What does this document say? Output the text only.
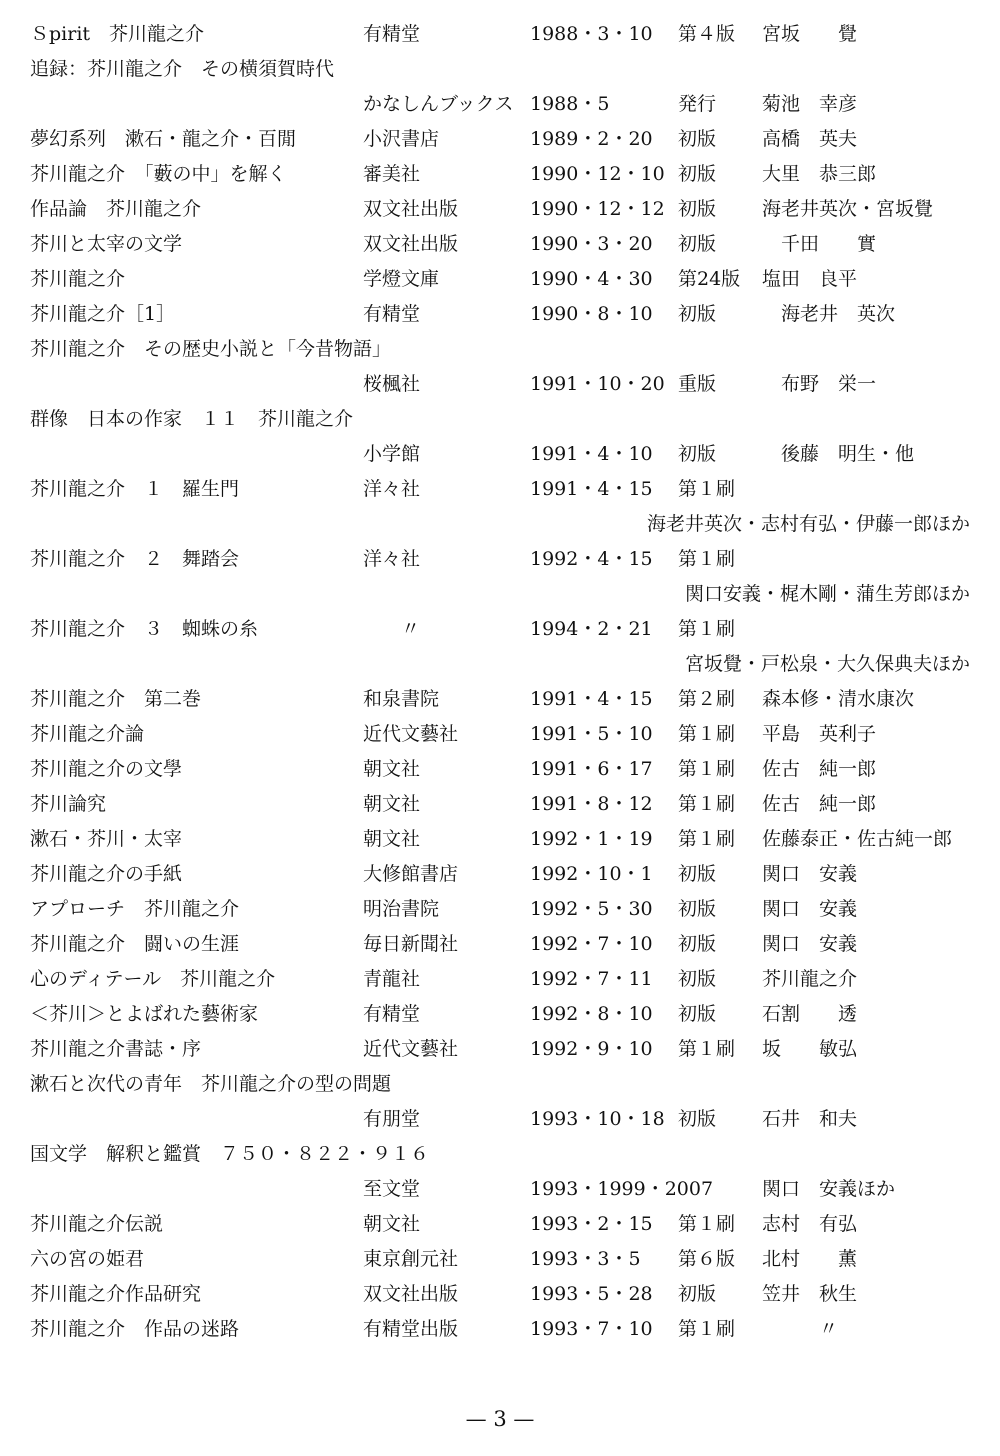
Ｓpirit　芥川龍之介	有精堂	1988・3・10 第４版 宮坂　　覺
追録：芥川龍之介　その横須賀時代
かなしんブックス 1988・5	発行 菊池　幸彦
夢幻系列　漱石・龍之介・百閒	小沢書店	1989・2・20 初版 高橋　英夫
芥川龍之介　「藪の中」を解く	審美社	1990・12・10 初版 大里　恭三郎
作品論　芥川龍之介	双文社出版	1990・12・12 初版 海老井英次・宮坂覺
芥川と太宰の文学	双文社出版	1990・3・20 初版 　千田　　實
芥川龍之介	学燈文庫	1990・4・30 第24版 塩田　良平
芥川龍之介［1］	有精堂	1990・8・10 初版 　海老井　英次
芥川龍之介　その歴史小説と「今昔物語」
桜楓社	1991・10・20 重版 　布野　栄一
群像　日本の作家　１１　芥川龍之介
小学館	1991・4・10 初版 　後藤　明生・他
芥川龍之介　１　羅生門	洋々社	1991・4・15 第１刷
海老井英次・志村有弘・伊藤一郎ほか
芥川龍之介　２　舞踏会	洋々社	1992・4・15 第１刷
関口安義・梶木剛・蒲生芳郎ほか
芥川龍之介　３　蜘蛛の糸	　　〃	1994・2・21 第１刷
宮坂覺・戸松泉・大久保典夫ほか
芥川龍之介　第二巻	和泉書院	1991・4・15 第２刷 森本修・清水康次
芥川龍之介論	近代文藝社	1991・5・10 第１刷 平島　英利子
芥川龍之介の文學	朝文社	1991・6・17 第１刷 佐古　純一郎
芥川論究	朝文社	1991・8・12 第１刷 佐古　純一郎
漱石・芥川・太宰	朝文社	1992・1・19 第１刷 佐藤泰正・佐古純一郎
芥川龍之介の手紙	大修館書店	1992・10・1 初版 関口　安義
アプローチ　芥川龍之介	明治書院	1992・5・30 初版 関口　安義
芥川龍之介　闘いの生涯	毎日新聞社	1992・7・10 初版 関口　安義
心のディテール　芥川龍之介	青龍社	1992・7・11 初版 芥川龍之介
＜芥川＞とよばれた藝術家	有精堂	1992・8・10 初版 石割　　透
芥川龍之介書誌・序	近代文藝社	1992・9・10 第１刷 坂　　敏弘
漱石と次代の青年　芥川龍之介の型の問題
有朋堂	1993・10・18 初版 石井　和夫
国文学　解釈と鑑賞　７５０・８２２・９１６
至文堂	1993・1999・2007	関口　安義ほか
芥川龍之介伝説	朝文社	1993・2・15 第１刷 志村　有弘
六の宮の姫君	東京創元社	1993・3・5 第６版 北村　　薫
芥川龍之介作品研究	双文社出版	1993・5・28 初版 笠井　秋生
芥川龍之介　作品の迷路	有精堂出版	1993・7・10 第１刷 　　　〃
— 3 —
